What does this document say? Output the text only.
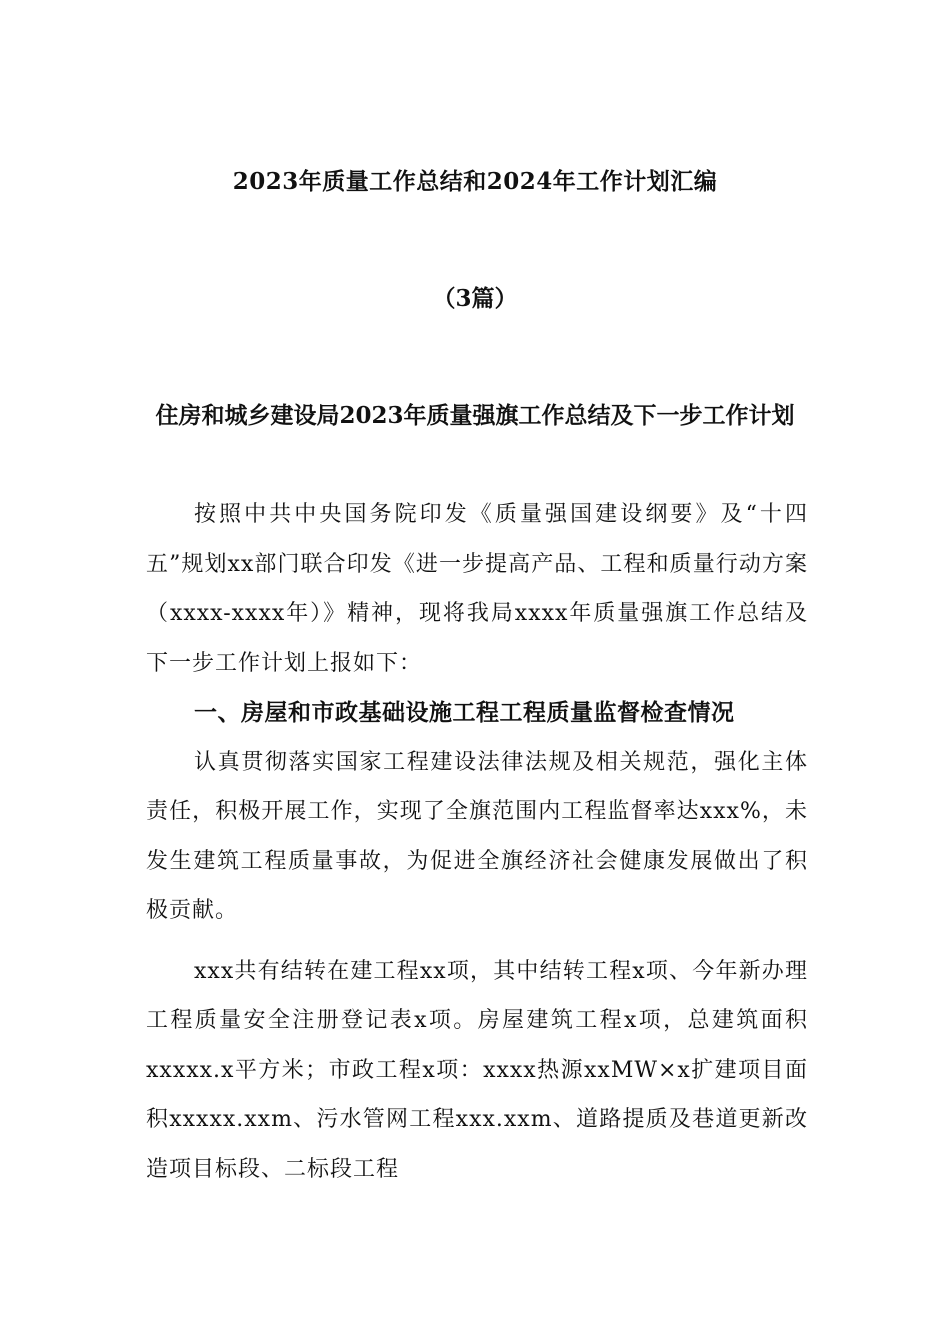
2023年质量工作总结和2024年工作计划汇编
（3篇）
住房和城乡建设局2023年质量强旗工作总结及下一步工作计划

按照中共中央国务院印发《质量强国建设纲要》及“十四五”规划xx部门联合印发《进一步提高产品、工程和质量行动方案（xxxx-xxxx年）》精神，现将我局xxxx年质量强旗工作总结及下一步工作计划上报如下：

一、房屋和市政基础设施工程工程质量监督检查情况

认真贯彻落实国家工程建设法律法规及相关规范，强化主体责任，积极开展工作，实现了全旗范围内工程监督率达xxx%，未发生建筑工程质量事故，为促进全旗经济社会健康发展做出了积极贡献。

xxx共有结转在建工程xx项，其中结转工程x项、今年新办理工程质量安全注册登记表x项。房屋建筑工程x项，总建筑面积xxxxx.x平方米；市政工程x项：xxxx热源xxMW×x扩建项目面积xxxxx.xxm、污水管网工程xxx.xxm、道路提质及巷道更新改造项目标段、二标段工程
